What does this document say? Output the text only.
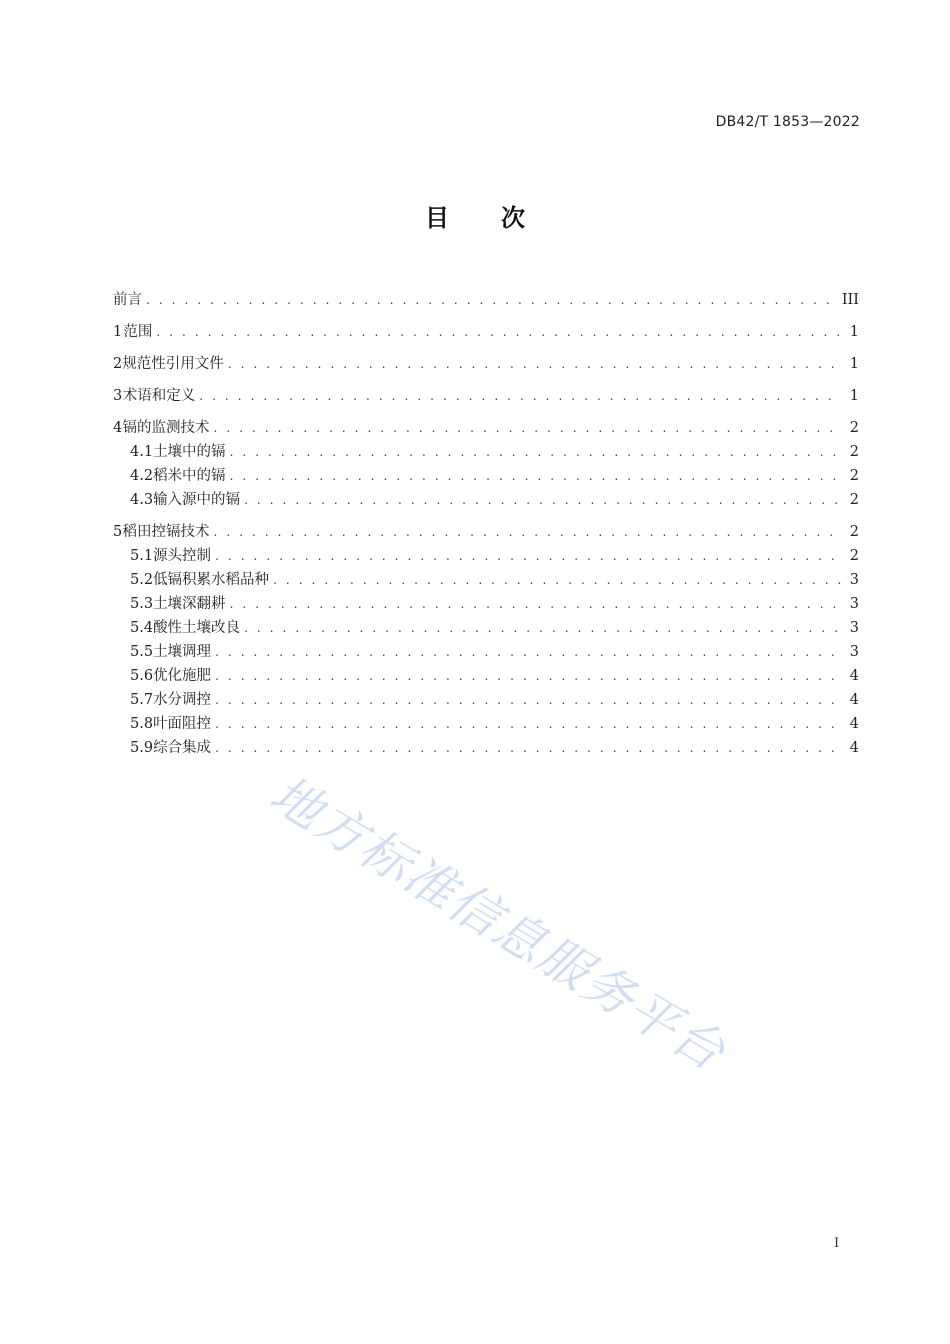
DB42/T 1853—2022
目 次
前言 . . .	III
1 范围 . . .	1
2 规范性引用文件 . . .	1
3 术语和定义 . . .	1
4 镉的监测技术 . . .	2
4.1 土壤中的镉 . . .	2
4.2 稻米中的镉 . . .	2
4.3 输入源中的镉 . . .	2
5 稻田控镉技术 . . .	2
5.1 源头控制 . . .	2
5.2 低镉积累水稻品种 . . .	3
5.3 土壤深翻耕 . . .	3
5.4 酸性土壤改良 . . .	3
5.5 土壤调理 . . .	3
5.6 优化施肥 . . .	4
5.7 水分调控 . . .	4
5.8 叶面阻控 . . .	4
5.9 综合集成 . . .	4
地方标准信息服务平台
I
